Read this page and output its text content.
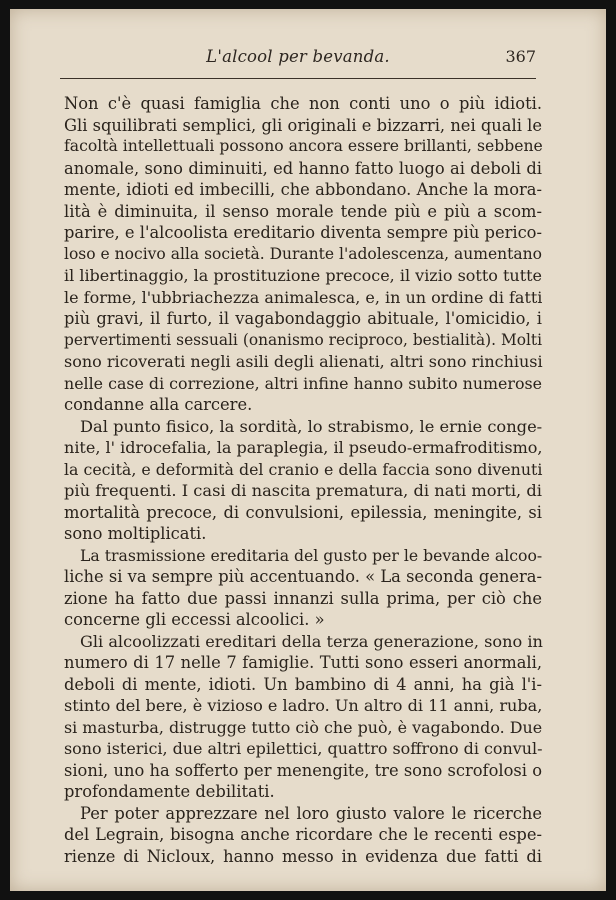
L'alcool per bevanda.	367
Non c'è quasi famiglia che non conti uno o più idioti.
Gli squilibrati semplici, gli originali e bizzarri, nei quali le
facoltà intellettuali possono ancora essere brillanti, sebbene
anomale, sono diminuiti, ed hanno fatto luogo ai deboli di
mente, idioti ed imbecilli, che abbondano. Anche la mora-
lità è diminuita, il senso morale tende più e più a scom-
parire, e l'alcoolista ereditario diventa sempre più perico-
loso e nocivo alla società. Durante l'adolescenza, aumentano
il libertinaggio, la prostituzione precoce, il vizio sotto tutte
le forme, l'ubbriachezza animalesca, e, in un ordine di fatti
più gravi, il furto, il vagabondaggio abituale, l'omicidio, i
pervertimenti sessuali (onanismo reciproco, bestialità). Molti
sono ricoverati negli asili degli alienati, altri sono rinchiusi
nelle case di correzione, altri infine hanno subito numerose
condanne alla carcere.
Dal punto fisico, la sordità, lo strabismo, le ernie conge-
nite, l' idrocefalia, la paraplegia, il pseudo-ermafroditismo,
la cecità, e deformità del cranio e della faccia sono divenuti
più frequenti. I casi di nascita prematura, di nati morti, di
mortalità precoce, di convulsioni, epilessia, meningite, si
sono moltiplicati.
La trasmissione ereditaria del gusto per le bevande alcoo-
liche si va sempre più accentuando. « La seconda genera-
zione ha fatto due passi innanzi sulla prima, per ciò che
concerne gli eccessi alcoolici. »
Gli alcoolizzati ereditari della terza generazione, sono in
numero di 17 nelle 7 famiglie. Tutti sono esseri anormali,
deboli di mente, idioti. Un bambino di 4 anni, ha già l'i-
stinto del bere, è vizioso e ladro. Un altro di 11 anni, ruba,
si masturba, distrugge tutto ciò che può, è vagabondo. Due
sono isterici, due altri epilettici, quattro soffrono di convul-
sioni, uno ha sofferto per menengite, tre sono scrofolosi o
profondamente debilitati.
Per poter apprezzare nel loro giusto valore le ricerche
del Legrain, bisogna anche ricordare che le recenti espe-
rienze di Nicloux, hanno messo in evidenza due fatti di
